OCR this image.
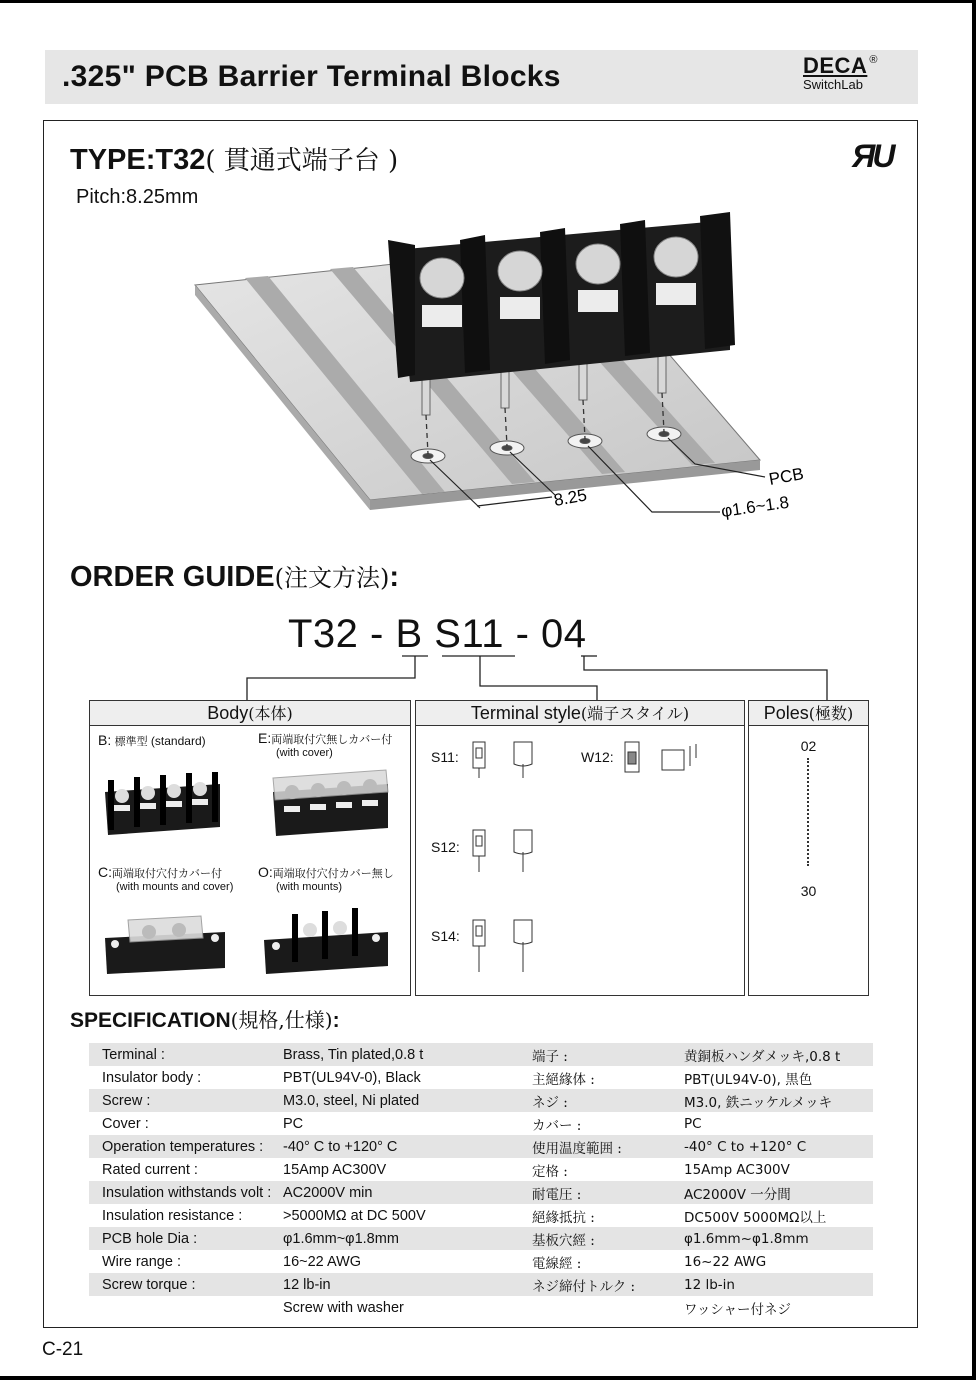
.325" PCB Barrier Terminal Blocks	DECA ®
SwitchLab
TYPE:T32( 貫通式端子台 )
Pitch:8.25mm
ЯU
PCB
8.25	φ1.6~1.8
ORDER GUIDE(注文方法):
T32 - B S11 - 04
Body(本体)
B: 標準型 (standard)	E:両端取付穴無しカバー付
(with cover)
C:両端取付穴付カバー付
(with mounts and cover)
O:両端取付穴付カバー無し
(with mounts)
Terminal style(端子スタイル)
S11:	W12:
S12:
S14:
Poles(極数)
02
30
SPECIFICATION(規格,仕様):
Terminal :	Brass, Tin plated,0.8 t	端子 :	黄銅板ハンダメッキ,0.8 t
Insulator body :	PBT(UL94V-0), Black	主絕緣体 :	PBT(UL94V-0), 黒色
Screw :	M3.0, steel, Ni plated	ネジ :	M3.0, 鉄ニッケルメッキ
Cover :	PC	カバー :	PC
Operation temperatures :	-40° C to +120° C	使用温度範囲 :	-40° C to +120° C
Rated current :	15Amp AC300V	定格 :	15Amp AC300V
Insulation withstands volt :	AC2000V min	耐電圧 :	AC2000V 一分間
Insulation resistance :	>5000MΩ at DC 500V	絕緣抵抗 :	DC500V 5000MΩ以上
PCB hole Dia :	φ1.6mm~φ1.8mm	基板穴經 :	φ1.6mm~φ1.8mm
Wire range :	16~22 AWG	電線經 :	16~22 AWG
Screw torque :	12 lb-in	ネジ締付トルク :	12 lb-in
	Screw with washer		ワッシャー付ネジ
C-21
